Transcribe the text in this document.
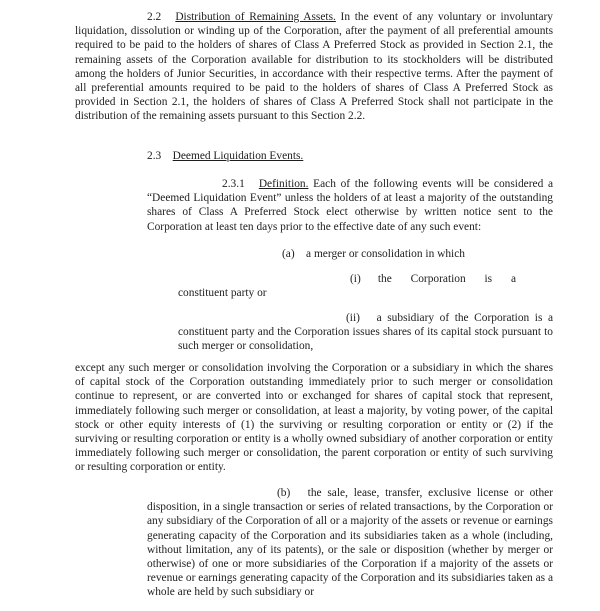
2.2 Distribution of Remaining Assets. In the event of any voluntary or involuntary liquidation, dissolution or winding up of the Corporation, after the payment of all preferential amounts required to be paid to the holders of shares of Class A Preferred Stock as provided in Section 2.1, the remaining assets of the Corporation available for distribution to its stockholders will be distributed among the holders of Junior Securities, in accordance with their respective terms. After the payment of all preferential amounts required to be paid to the holders of shares of Class A Preferred Stock as provided in Section 2.1, the holders of shares of Class A Preferred Stock shall not participate in the distribution of the remaining assets pursuant to this Section 2.2.

2.3 Deemed Liquidation Events.

2.3.1 Definition. Each of the following events will be considered a “Deemed Liquidation Event” unless the holders of at least a majority of the outstanding shares of Class A Preferred Stock elect otherwise by written notice sent to the Corporation at least ten days prior to the effective date of any such event:

(a) a merger or consolidation in which
(i) the Corporation is a
constituent party or

(ii) a subsidiary of the Corporation is a constituent party and the Corporation issues shares of its capital stock pursuant to such merger or consolidation,

except any such merger or consolidation involving the Corporation or a subsidiary in which the shares of capital stock of the Corporation outstanding immediately prior to such merger or consolidation continue to represent, or are converted into or exchanged for shares of capital stock that represent, immediately following such merger or consolidation, at least a majority, by voting power, of the capital stock or other equity interests of (1) the surviving or resulting corporation or entity or (2) if the surviving or resulting corporation or entity is a wholly owned subsidiary of another corporation or entity immediately following such merger or consolidation, the parent corporation or entity of such surviving or resulting corporation or entity.

(b) the sale, lease, transfer, exclusive license or other disposition, in a single transaction or series of related transactions, by the Corporation or any subsidiary of the Corporation of all or a majority of the assets or revenue or earnings generating capacity of the Corporation and its subsidiaries taken as a whole (including, without limitation, any of its patents), or the sale or disposition (whether by merger or otherwise) of one or more subsidiaries of the Corporation if a majority of the assets or revenue or earnings generating capacity of the Corporation and its subsidiaries taken as a whole are held by such subsidiary or
